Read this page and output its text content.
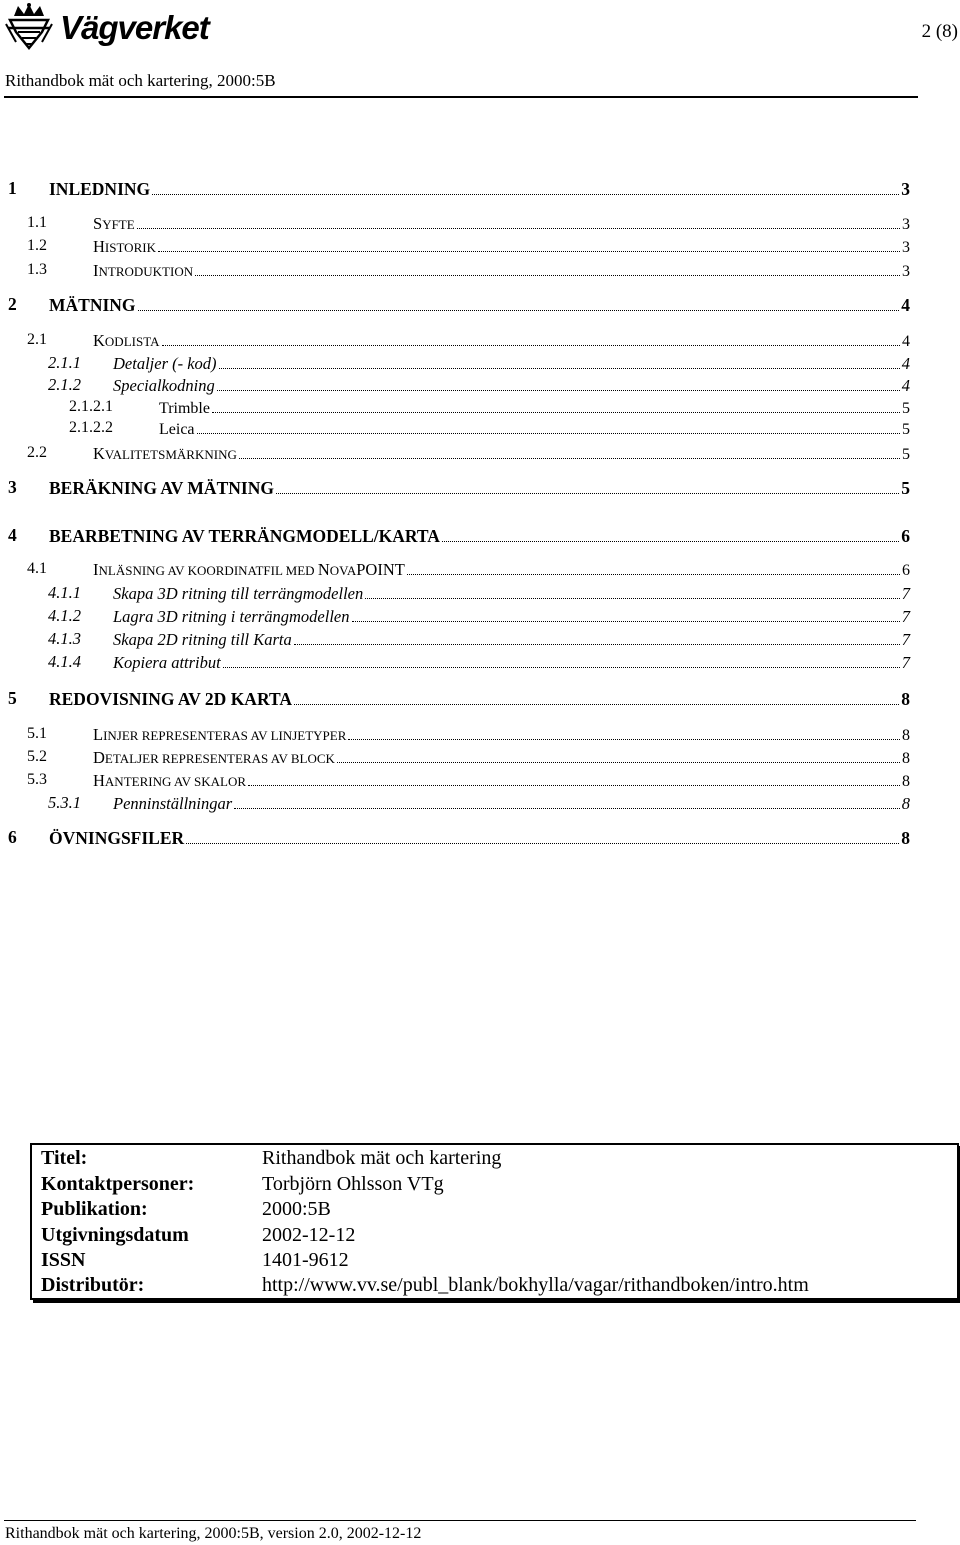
Vägverket	2 (8)
Rithandbok mät och kartering, 2000:5B
1 INLEDNING	3
1.1	SYFTE	3
1.2	HISTORIK	3
1.3	INTRODUKTION	3
2 MÄTNING	4
2.1	KODLISTA	4
2.1.1 Detaljer (- kod)	4
2.1.2 Specialkodning	4
2.1.2.1	Trimble	5
2.1.2.2	Leica	5
2.2	KVALITETSMÄRKNING	5
3 BERÄKNING AV MÄTNING	5
4 BEARBETNING AV TERRÄNGMODELL/KARTA	6
4.1	INLÄSNING AV KOORDINATFIL MED NOVAPOINT	6
4.1.1 Skapa 3D ritning till terrängmodellen	7
4.1.2 Lagra 3D ritning i terrängmodellen	7
4.1.3 Skapa 2D ritning till Karta	7
4.1.4 Kopiera attribut	7
5 REDOVISNING AV 2D KARTA	8
5.1	LINJER REPRESENTERAS AV LINJETYPER	8
5.2	DETALJER REPRESENTERAS AV BLOCK	8
5.3	HANTERING AV SKALOR	8
5.3.1 Penninställningar	8
6 ÖVNINGSFILER	8
Titel:	Rithandbok mät och kartering
Kontaktpersoner:	Torbjörn Ohlsson VTg
Publikation:	2000:5B
Utgivningsdatum	2002-12-12
ISSN	1401-9612
Distributör:	http://www.vv.se/publ_blank/bokhylla/vagar/rithandboken/intro.htm
Rithandbok mät och kartering, 2000:5B, version 2.0, 2002-12-12
